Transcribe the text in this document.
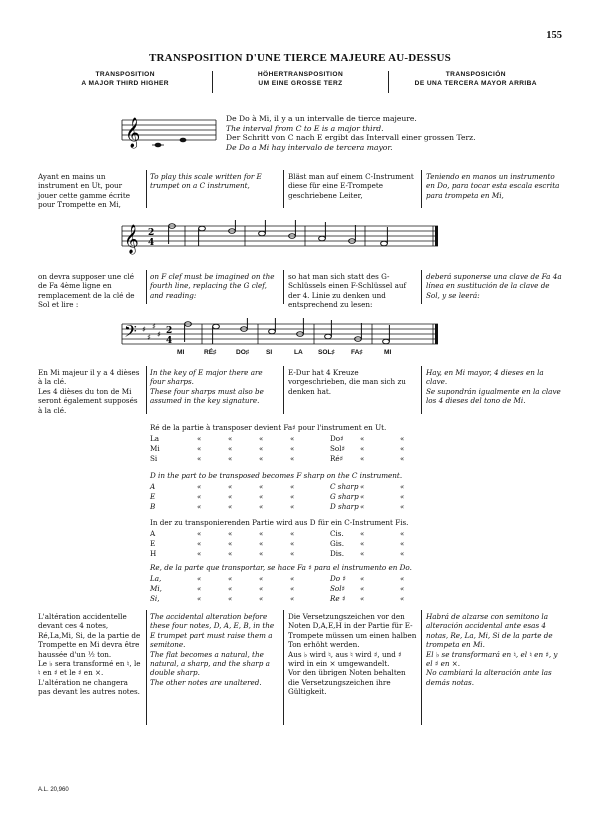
155
TRANSPOSITION D'UNE TIERCE MAJEURE AU-DESSUS
TRANSPOSITION
A MAJOR THIRD HIGHER
HÖHERTRANSPOSITION
UM EINE GROSSE TERZ
TRANSPOSICIÓN
DE UNA TERCERA MAYOR ARRIBA
𝄞	De Do à Mi, il y a un intervalle de tierce majeure.
The interval from C to E is a major third.
Der Schritt von C nach E ergibt das Intervall einer grossen Terz.
De Do a Mi hay intervalo de tercera mayor.
Ayant en mains un instrument en Ut, pour jouer cette gamme écrite pour Trompette en Mi,
To play this scale written for E trumpet on a C instrument,
Bläst man auf einem C-Instrument diese für eine E-Trompete geschriebene Leiter,
Teniendo en manos un instrumento en Do, para tocar esta escala escrita para trompeta en Mi,
𝄞 2
4
on devra supposer une clé de Fa 4ème ligne en remplacement de la clé de Sol et lire :
on F clef must be imagined on the fourth line, replacing the G clef, and reading:
so hat man sich statt des G-Schlüssels einen F-Schlüssel auf der 4. Linie zu denken und entsprechend zu lesen:
deberá suponerse una clave de Fa 4a línea en sustitución de la clave de Sol, y se leerá:
𝄢 ♯
♯
♯
♯ 2
4
MI	RÉ♯	DO♯	SI	LA SOL♯ FA♯	MI
En Mi majeur il y a 4 dièses à la clé.
Les 4 dièses du ton de Mi seront également supposés à la clé.
In the key of E major there are four sharps.
These four sharps must also be assumed in the key signature.
E-Dur hat 4 Kreuze vorgeschrieben, die man sich zu denken hat.
Hay, en Mi mayor, 4 dieses en la clave.
Se supondrán igualmente en la clave los 4 dieses del tono de Mi.
Ré de la partie à transposer devient Fa♯ pour l'instrument en Ut.
La	«	«	«	«	Do♯ «	«
Mi	«	«	«	«	Sol♯ «	«
Si	«	«	«	«	Ré♯ «	«
D in the part to be transposed becomes F sharp on the C instrument.
A	«	«	«	«	C sharp «	«
E	«	«	«	«	G sharp «	«
B	«	«	«	«	D sharp «	«
In der zu transponierenden Partie wird aus D für ein C-Instrument Fis.
A	«	«	«	«	Cis. «	«
E	«	«	«	«	Gis. «	«
H	«	«	«	«	Dis. «	«
Re, de la parte que transportar, se hace Fa ♯ para el instrumento en Do.
La,	«	«	«	«	Do ♯ «	«
Mi,	«	«	«	«	Sol♯ «	«
Si,	«	«	«	«	Re ♯ «	«
L'altération accidentelle devant ces 4 notes, Ré,La,Mi, Si, de la partie de Trompette en Mi devra être haussée d'un ½ ton.
Le ♭ sera transformé en ♮, le ♮ en ♯ et le ♯ en ×.
L'altération ne changera pas devant les autres notes.
The accidental alteration before these four notes, D, A, E, B, in the E trumpet part must raise them a semitone.
The flat becomes a natural, the natural, a sharp, and the sharp a double sharp.
The other notes are unaltered.
Die Versetzungszeichen vor den Noten D,A,E,H in der Partie für E-Trompete müssen um einen halben Ton erhöht werden.
Aus ♭ wird ♮, aus ♮ wird ♯, und ♯ wird in ein × umgewandelt.
Vor den übrigen Noten behalten die Versetzungszeichen ihre Gültigkeit.
Habrá de alzarse con semitono la alteración accidental ante esas 4 notas, Re, La, Mi, Si de la parte de trompeta en Mi.
El ♭ se transformará en ♮, el ♮ en ♯, y el ♯ en ×.
No cambiará la alteración ante las demás notas.
A.L. 20,960
